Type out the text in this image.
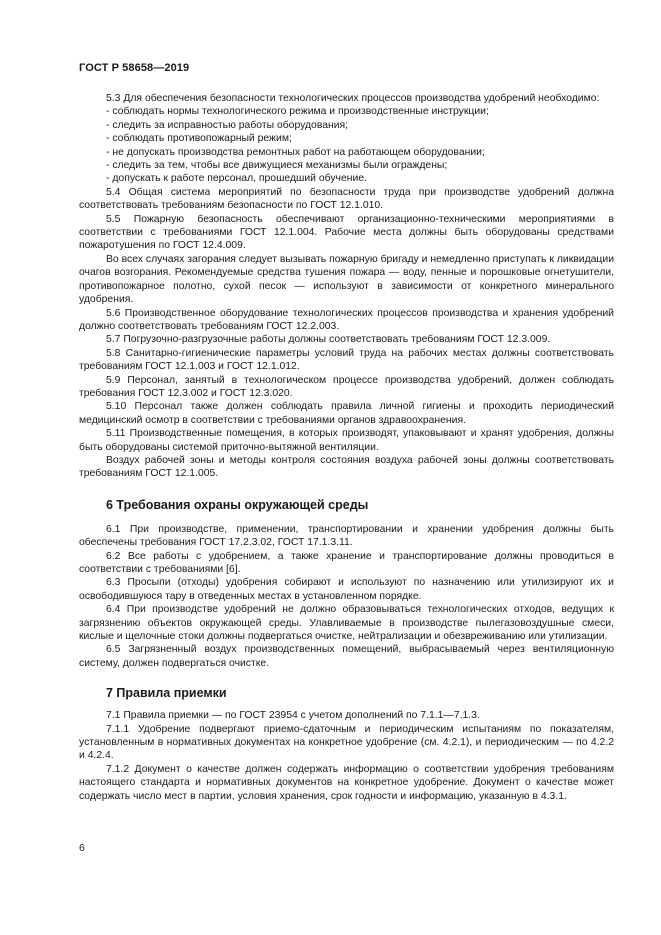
ГОСТ Р 58658—2019

5.3 Для обеспечения безопасности технологических процессов производства удобрений необходимо:

- соблюдать нормы технологического режима и производственные инструкции;

- следить за исправностью работы оборудования;

- соблюдать противопожарный режим;

- не допускать производства ремонтных работ на работающем оборудовании;

- следить за тем, чтобы все движущиеся механизмы были ограждены;

- допускать к работе персонал, прошедший обучение.

5.4 Общая система мероприятий по безопасности труда при производстве удобрений должна соответствовать требованиям безопасности по ГОСТ 12.1.010.

5.5 Пожарную безопасность обеспечивают организационно-техническими мероприятиями в соответствии с требованиями ГОСТ 12.1.004. Рабочие места должны быть оборудованы средствами пожаротушения по ГОСТ 12.4.009.

Во всех случаях загорания следует вызывать пожарную бригаду и немедленно приступать к ликвидации очагов возгорания. Рекомендуемые средства тушения пожара — воду, пенные и порошковые огнетушители, противопожарное полотно, сухой песок — используют в зависимости от конкретного минерального удобрения.

5.6 Производственное оборудование технологических процессов производства и хранения удобрений должно соответствовать требованиям ГОСТ 12.2.003.

5.7 Погрузочно-разгрузочные работы должны соответствовать требованиям ГОСТ 12.3.009.

5.8 Санитарно-гигиенические параметры условий труда на рабочих местах должны соответствовать требованиям ГОСТ 12.1.003 и ГОСТ 12.1.012.

5.9 Персонал, занятый в технологическом процессе производства удобрений, должен соблюдать требования ГОСТ 12.3.002 и ГОСТ 12.3.020.

5.10 Персонал также должен соблюдать правила личной гигиены и проходить периодический медицинский осмотр в соответствии с требованиями органов здравоохранения.

5.11 Производственные помещения, в которых производят, упаковывают и хранят удобрения, должны быть оборудованы системой приточно-вытяжной вентиляции.

Воздух рабочей зоны и методы контроля состояния воздуха рабочей зоны должны соответствовать требованиям ГОСТ 12.1.005.

6 Требования охраны окружающей среды

6.1 При производстве, применении, транспортировании и хранении удобрения должны быть обеспечены требования ГОСТ 17.2.3.02, ГОСТ 17.1.3.11.

6.2 Все работы с удобрением, а также хранение и транспортирование должны проводиться в соответствии с требованиями [6].

6.3 Просыпи (отходы) удобрения собирают и используют по назначению или утилизируют их и освободившуюся тару в отведенных местах в установленном порядке.

6.4 При производстве удобрений не должно образовываться технологических отходов, ведущих к загрязнению объектов окружающей среды. Улавливаемые в производстве пылегазовоздушные смеси, кислые и щелочные стоки должны подвергаться очистке, нейтрализации и обезвреживанию или утилизации.

6.5 Загрязненный воздух производственных помещений, выбрасываемый через вентиляционную систему, должен подвергаться очистке.

7 Правила приемки

7.1 Правила приемки — по ГОСТ 23954 с учетом дополнений по 7.1.1—7.1.3.

7.1.1 Удобрение подвергают приемо-сдаточным и периодическим испытаниям по показателям, установленным в нормативных документах на конкретное удобрение (см. 4.2.1), и периодическим — по 4.2.2 и 4.2.4.

7.1.2 Документ о качестве должен содержать информацию о соответствии удобрения требованиям настоящего стандарта и нормативных документов на конкретное удобрение. Документ о качестве может содержать число мест в партии, условия хранения, срок годности и информацию, указанную в 4.3.1.

6
